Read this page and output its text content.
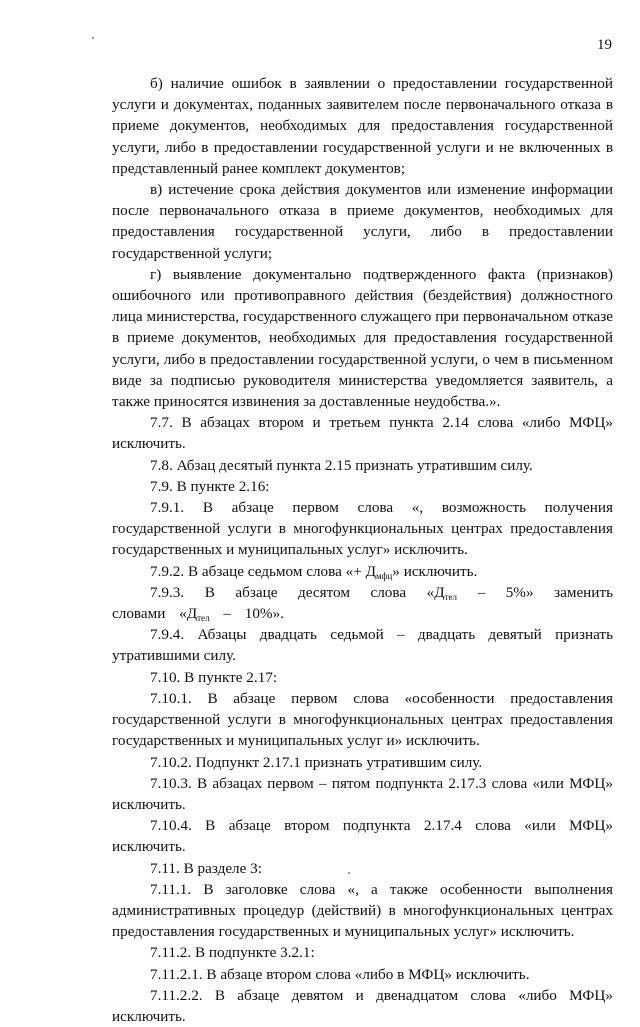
19

б) наличие ошибок в заявлении о предоставлении государственной услуги и документах, поданных заявителем после первоначального отказа в приеме документов, необходимых для предоставления государственной услуги, либо в предоставлении государственной услуги и не включенных в представленный ранее комплект документов;

в) истечение срока действия документов или изменение информации после первоначального отказа в приеме документов, необходимых для предоставления государственной услуги, либо в предоставлении государственной услуги;

г) выявление документально подтвержденного факта (признаков) ошибочного или противоправного действия (бездействия) должностного лица министерства, государственного служащего при первоначальном отказе в приеме документов, необходимых для предоставления государственной услуги, либо в предоставлении государственной услуги, о чем в письменном виде за подписью руководителя министерства уведомляется заявитель, а также приносятся извинения за доставленные неудобства.».

7.7. В абзацах втором и третьем пункта 2.14 слова «либо МФЦ» исключить.

7.8. Абзац десятый пункта 2.15 признать утратившим силу.

7.9. В пункте 2.16:

7.9.1. В абзаце первом слова «, возможность получения государственной услуги в многофункциональных центрах предоставления государственных и муниципальных услуг» исключить.

7.9.2. В абзаце седьмом слова «+ $Д_{мфц}$» исключить.

7.9.3. В абзаце десятом слова «$Д_{тел} - 5\%$» заменить словами «$Д_{тел} - 10\%$».

7.9.4. Абзацы двадцать седьмой – двадцать девятый признать утратившими силу.

7.10. В пункте 2.17:

7.10.1. В абзаце первом слова «особенности предоставления государственной услуги в многофункциональных центрах предоставления государственных и муниципальных услуг и» исключить.

7.10.2. Подпункт 2.17.1 признать утратившим силу.

7.10.3. В абзацах первом – пятом подпункта 2.17.3 слова «или МФЦ» исключить.

7.10.4. В абзаце втором подпункта 2.17.4 слова «или МФЦ» исключить.

7.11. В разделе 3:

7.11.1. В заголовке слова «, а также особенности выполнения административных процедур (действий) в многофункциональных центрах предоставления государственных и муниципальных услуг» исключить.

7.11.2. В подпункте 3.2.1:

7.11.2.1. В абзаце втором слова «либо в МФЦ» исключить.

7.11.2.2. В абзаце девятом и двенадцатом слова «либо МФЦ» исключить.
